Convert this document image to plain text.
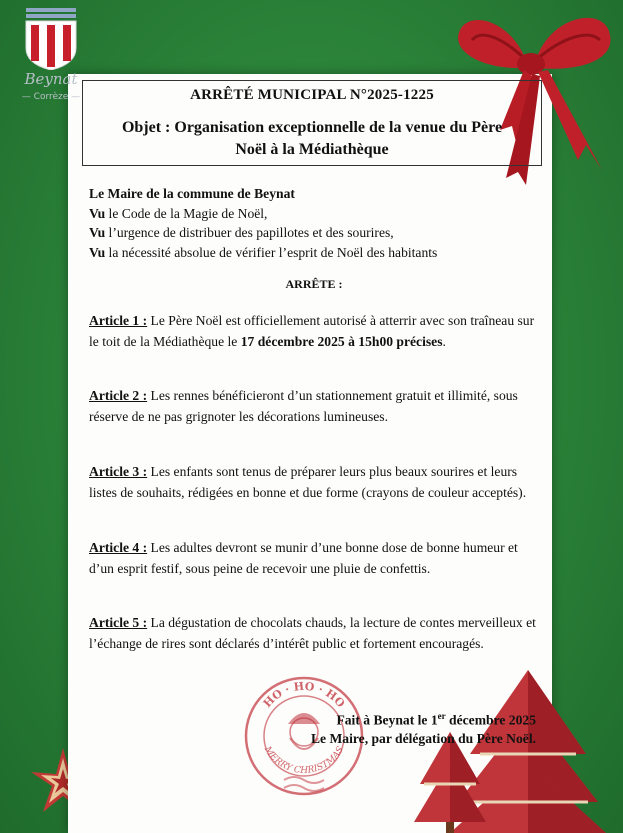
Beynat
— Corrèze —	ARRÊTÉ MUNICIPAL N°2025-1225
Objet : Organisation exceptionnelle de la venue du Père
Noël à la Médiathèque
Le Maire de la commune de Beynat
Vu le Code de la Magie de Noël,
Vu l’urgence de distribuer des papillotes et des sourires,
Vu la nécessité absolue de vérifier l’esprit de Noël des habitants
ARRÊTE :
Article 1 : Le Père Noël est officiellement autorisé à atterrir avec son traîneau sur le toit de la Médiathèque le 17 décembre 2025 à 15h00 précises.
Article 2 : Les rennes bénéficieront d’un stationnement gratuit et illimité, sous réserve de ne pas grignoter les décorations lumineuses.
Article 3 : Les enfants sont tenus de préparer leurs plus beaux sourires et leurs listes de souhaits, rédigées en bonne et due forme (crayons de couleur acceptés).
Article 4 : Les adultes devront se munir d’une bonne dose de bonne humeur et d’un esprit festif, sous peine de recevoir une pluie de confettis.
Article 5 : La dégustation de chocolats chauds, la lecture de contes merveilleux et l’échange de rires sont déclarés d’intérêt public et fortement encouragés.
HO · HO · HO
MERRY CHRISTMAS
Fait à Beynat le 1er décembre 2025
Le Maire, par délégation du Père Noël.
